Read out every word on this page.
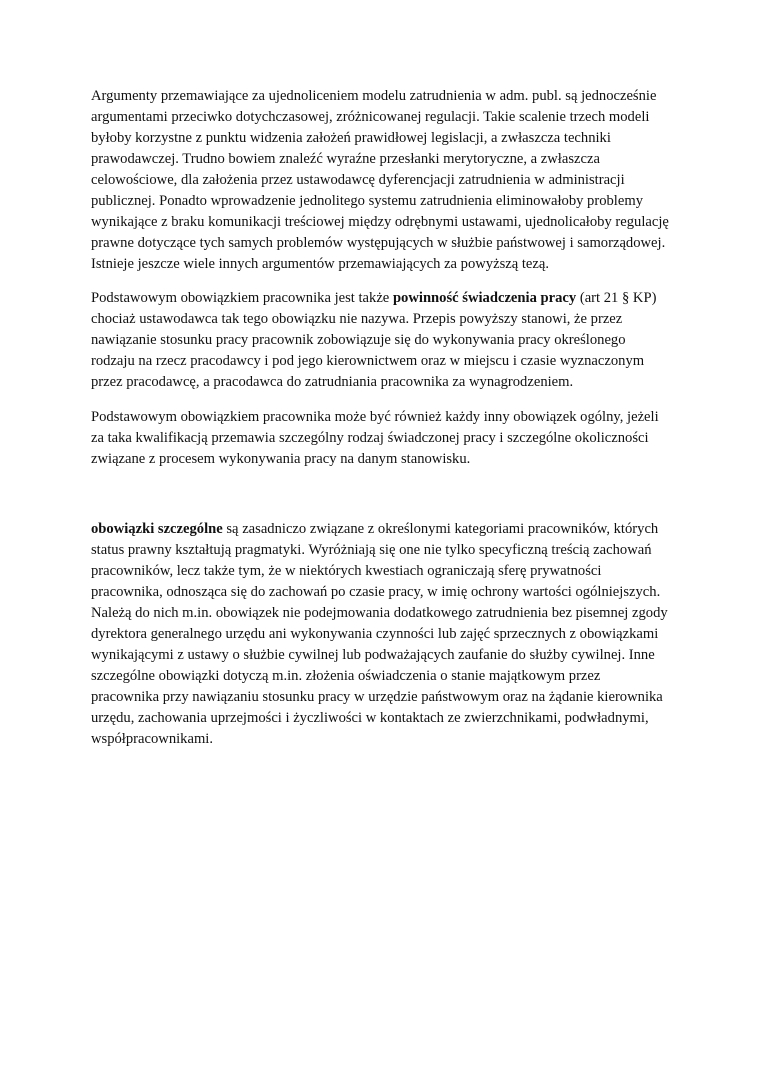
Argumenty przemawiające za ujednoliceniem modelu zatrudnienia w adm. publ. są jednocześnie argumentami przeciwko dotychczasowej, zróżnicowanej regulacji. Takie scalenie trzech modeli byłoby korzystne z punktu widzenia założeń prawidłowej legislacji, a zwłaszcza techniki prawodawczej. Trudno bowiem znaleźć wyraźne przesłanki merytoryczne, a zwłaszcza celowościowe, dla założenia przez ustawodawcę dyferencjacji zatrudnienia w administracji publicznej. Ponadto wprowadzenie jednolitego systemu zatrudnienia eliminowałoby problemy wynikające z braku komunikacji treściowej między odrębnymi ustawami, ujednolicałoby regulację prawne dotyczące tych samych problemów występujących w służbie państwowej i samorządowej. Istnieje jeszcze wiele innych argumentów przemawiających za powyższą tezą.

Podstawowym obowiązkiem pracownika jest także powinność świadczenia pracy (art 21 § KP) chociaż ustawodawca tak tego obowiązku nie nazywa. Przepis powyższy stanowi, że przez nawiązanie stosunku pracy pracownik zobowiązuje się do wykonywania pracy określonego rodzaju na rzecz pracodawcy i pod jego kierownictwem oraz w miejscu i czasie wyznaczonym przez pracodawcę, a pracodawca do zatrudniania pracownika za wynagrodzeniem.

Podstawowym obowiązkiem pracownika może być również każdy inny obowiązek ogólny, jeżeli za taka kwalifikacją przemawia szczególny rodzaj świadczonej pracy i szczególne okoliczności związane z procesem wykonywania pracy na danym stanowisku.

obowiązki szczególne są zasadniczo związane z określonymi kategoriami pracowników, których status prawny kształtują pragmatyki. Wyróżniają się one nie tylko specyficzną treścią zachowań pracowników, lecz także tym, że w niektórych kwestiach ograniczają sferę prywatności pracownika, odnosząca się do zachowań po czasie pracy, w imię ochrony wartości ogólniejszych. Należą do nich m.in. obowiązek nie podejmowania dodatkowego zatrudnienia bez pisemnej zgody dyrektora generalnego urzędu ani wykonywania czynności lub zajęć sprzecznych z obowiązkami wynikającymi z ustawy o służbie cywilnej lub podważających zaufanie do służby cywilnej. Inne szczególne obowiązki dotyczą m.in. złożenia oświadczenia o stanie majątkowym przez pracownika przy nawiązaniu stosunku pracy w urzędzie państwowym oraz na żądanie kierownika urzędu, zachowania uprzejmości i życzliwości w kontaktach ze zwierzchnikami, podwładnymi, współpracownikami.
